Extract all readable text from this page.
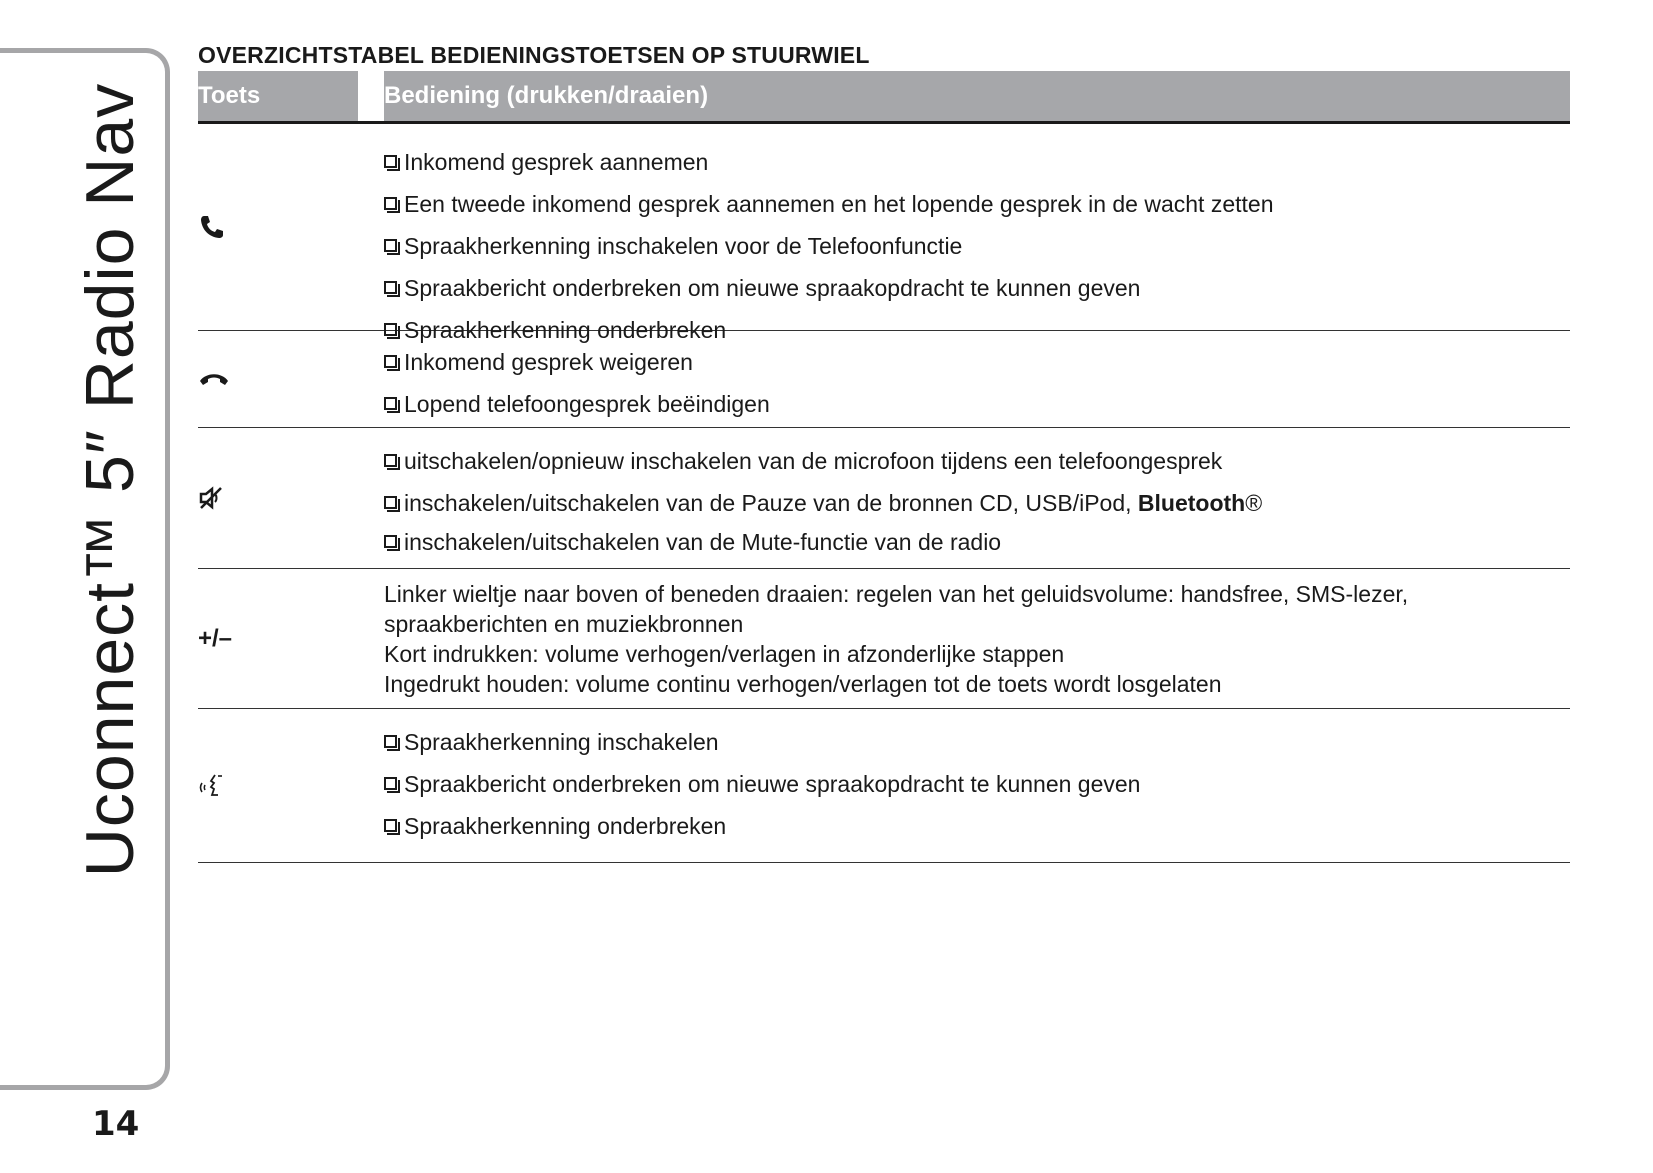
Uconnect™ 5″ Radio Nav
14
OVERZICHTSTABEL BEDIENINGSTOETSEN OP STUURWIEL
Toets	Bediening (drukken/draaien)
Inkomend gesprek aannemen
Een tweede inkomend gesprek aannemen en het lopende gesprek in de wacht zetten
Spraakherkenning inschakelen voor de Telefoonfunctie
Spraakbericht onderbreken om nieuwe spraakopdracht te kunnen geven
Spraakherkenning onderbreken
Inkomend gesprek weigeren
Lopend telefoongesprek beëindigen
uitschakelen/opnieuw inschakelen van de microfoon tijdens een telefoongesprek
inschakelen/uitschakelen van de Pauze van de bronnen CD, USB/iPod, Bluetooth ®
inschakelen/uitschakelen van de Mute-functie van de radio
+/–
Linker wieltje naar boven of beneden draaien: regelen van het geluidsvolume: handsfree, SMS-lezer,
spraakberichten en muziekbronnen
Kort indrukken: volume verhogen/verlagen in afzonderlijke stappen
Ingedrukt houden: volume continu verhogen/verlagen tot de toets wordt losgelaten
Spraakherkenning inschakelen
Spraakbericht onderbreken om nieuwe spraakopdracht te kunnen geven
Spraakherkenning onderbreken
